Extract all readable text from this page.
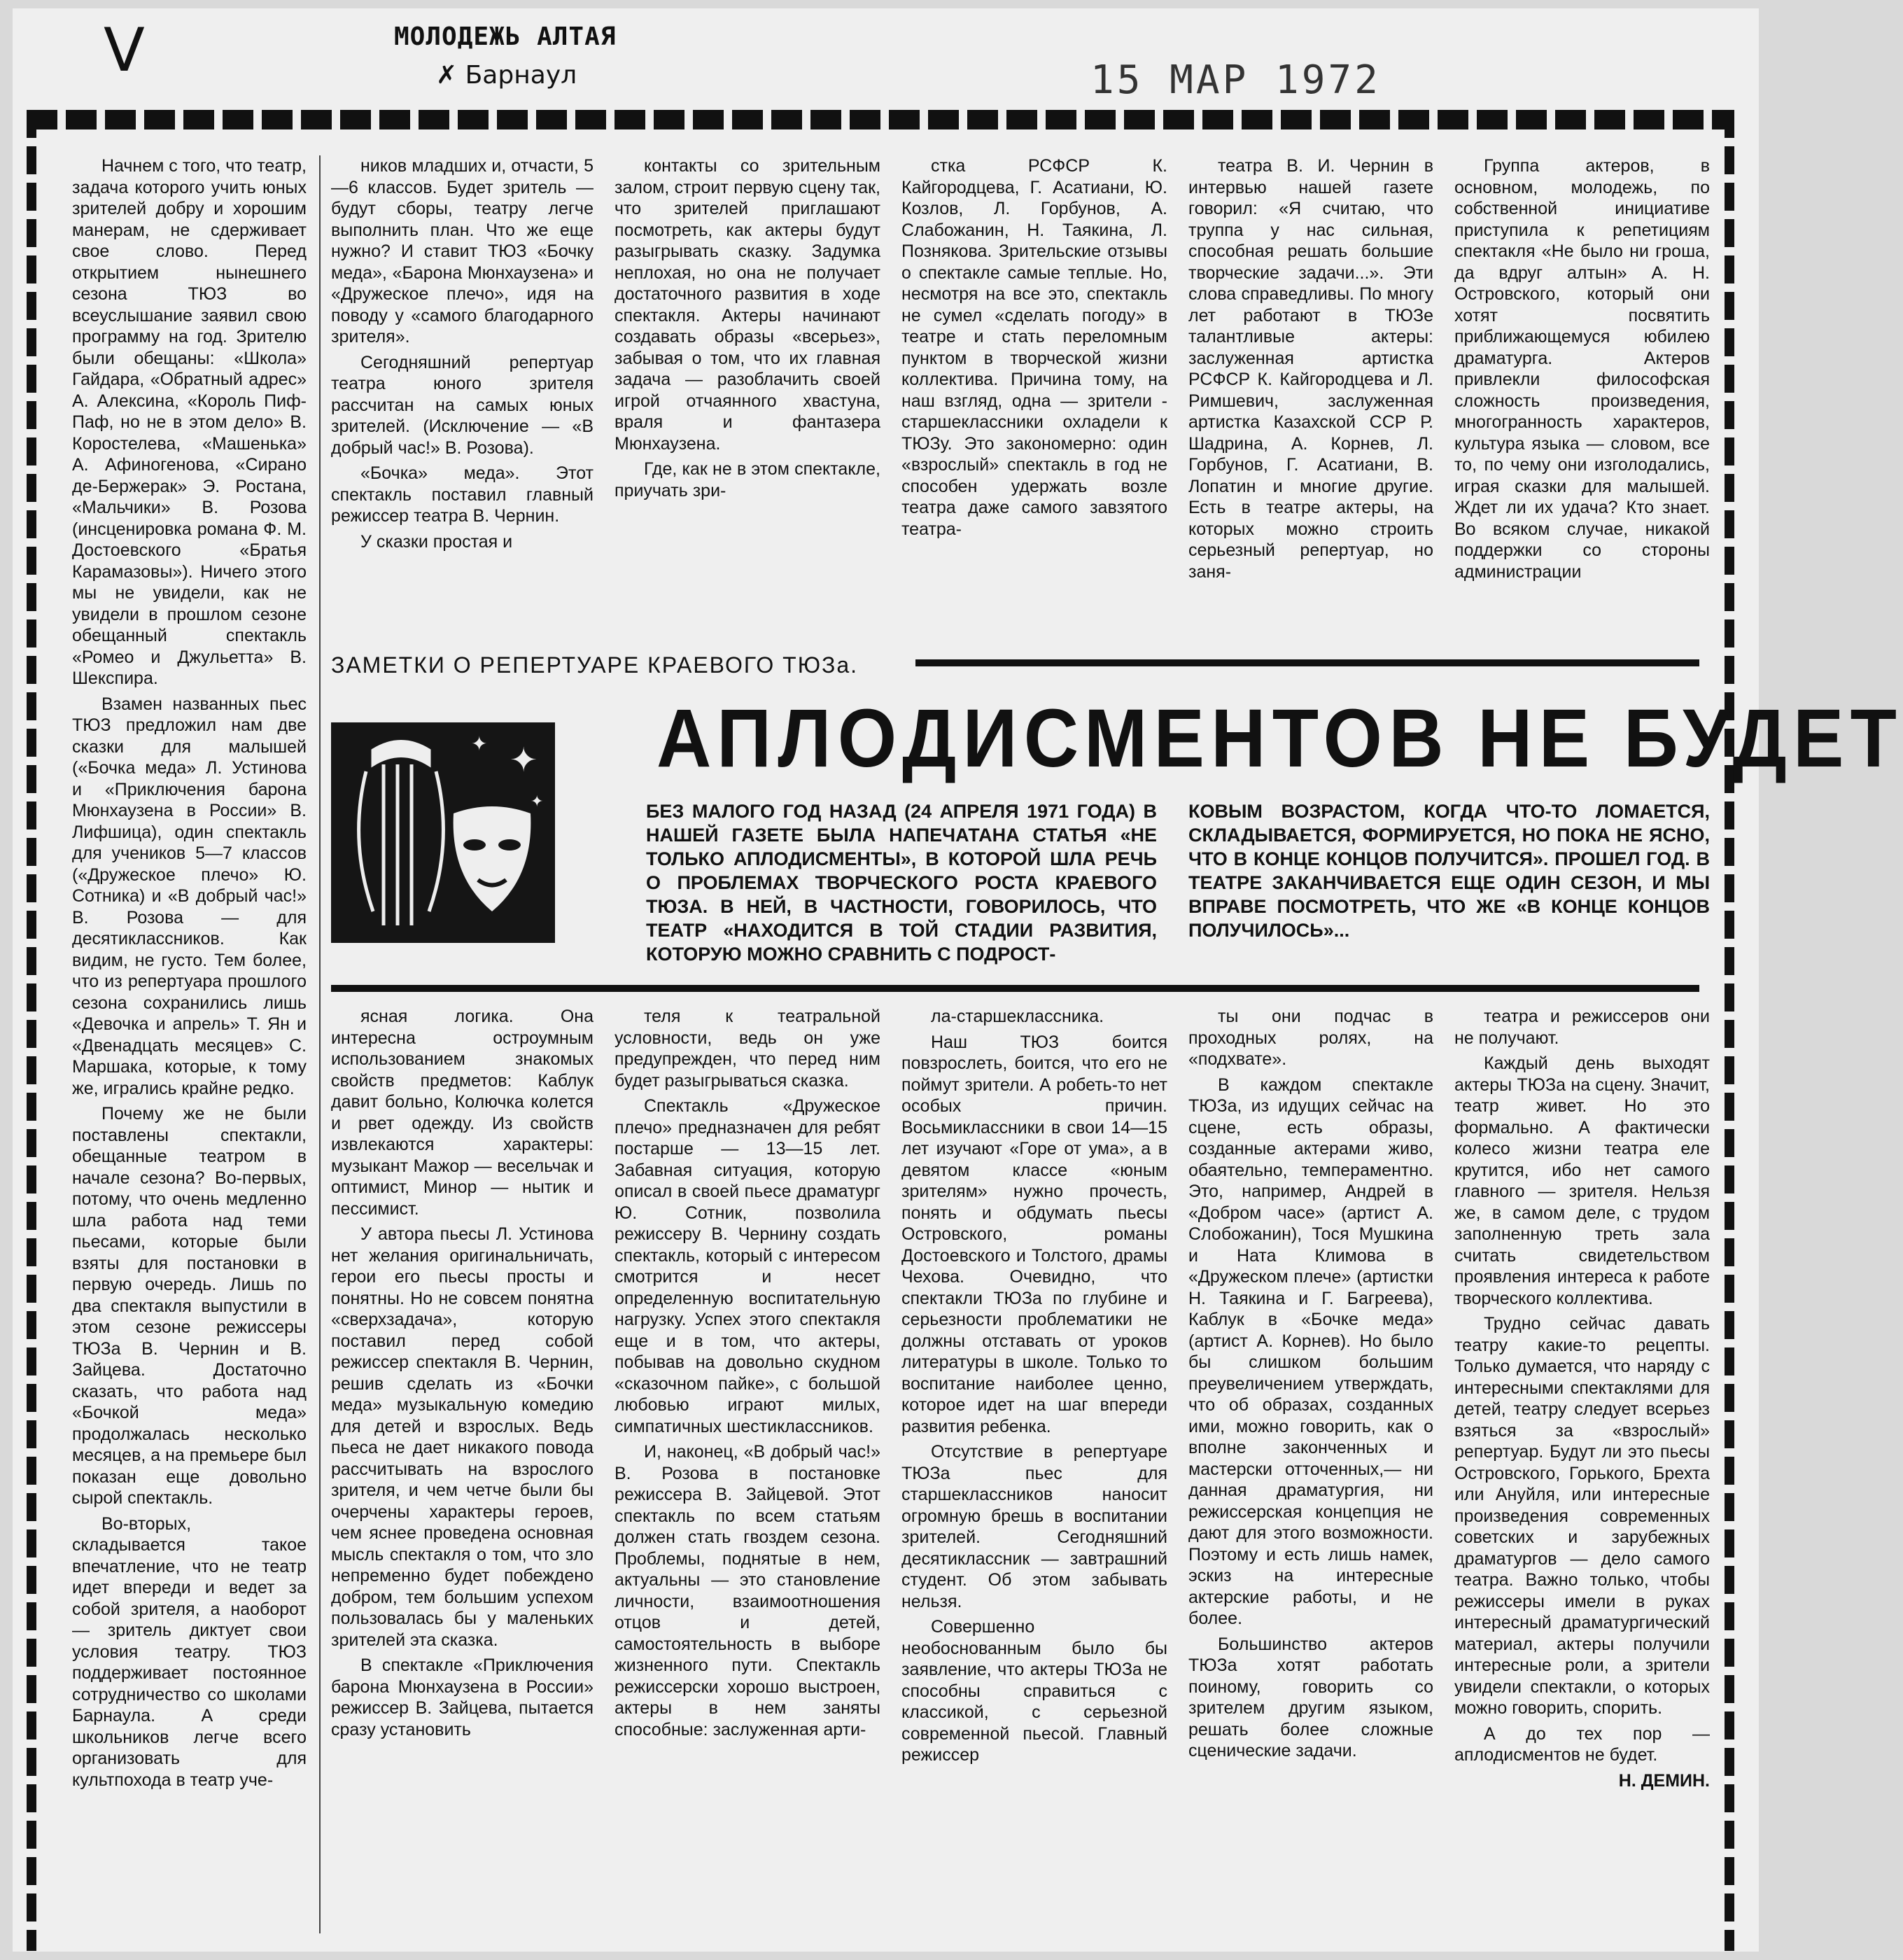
V	МОЛОДЕЖЬ АЛТАЯ
✗ Барнаул	15 МАР 1972

Начнем с того, что театр, задача которого учить юных зрителей добру и хорошим манерам, не сдерживает свое слово. Перед открытием нынешнего сезона ТЮЗ во всеуслышание заявил свою программу на год. Зрителю были обещаны: «Школа» Гайдара, «Обратный адрес» А. Алексина, «Король Пиф-Паф, но не в этом дело» В. Коростелева, «Машенька» А. Афиногенова, «Сирано де-Бержерак» Э. Ростана, «Мальчики» В. Розова (инсценировка романа Ф. М. Достоевского «Братья Карамазовы»). Ничего этого мы не увидели, как не увидели в прошлом сезоне обещанный спектакль «Ромео и Джульетта» В. Шекспира.

Взамен названных пьес ТЮЗ предложил нам две сказки для малышей («Бочка меда» Л. Устинова и «Приключения барона Мюнхаузена в России» В. Лифшица), один спектакль для учеников 5—7 классов («Дружеское плечо» Ю. Сотника) и «В добрый час!» В. Розова — для десятиклассников. Как видим, не густо. Тем более, что из репертуара прошлого сезона сохранились лишь «Девочка и апрель» Т. Ян и «Двенадцать месяцев» С. Маршака, которые, к тому же, игрались крайне редко.

Почему же не были поставлены спектакли, обещанные театром в начале сезона? Во-первых, потому, что очень медленно шла работа над теми пьесами, которые были взяты для постановки в первую очередь. Лишь по два спектакля выпустили в этом сезоне режиссеры ТЮЗа В. Чернин и В. Зайцева. Достаточно сказать, что работа над «Бочкой меда» продолжалась несколько месяцев, а на премьере был показан еще довольно сырой спектакль.

Во-вторых, складывается такое впечатление, что не театр идет впереди и ведет за собой зрителя, а наоборот — зритель диктует свои условия театру. ТЮЗ поддерживает постоянное сотрудничество со школами Барнаула. А среди школьников легче всего организовать для культпохода в театр уче-

ников младших и, отчасти, 5—6 классов. Будет зритель — будут сборы, театру легче выполнить план. Что же еще нужно? И ставит ТЮЗ «Бочку меда», «Барона Мюнхаузена» и «Дружеское плечо», идя на поводу у «самого благодарного зрителя».

Сегодняшний репертуар театра юного зрителя рассчитан на самых юных зрителей. (Исключение — «В добрый час!» В. Розова).

«Бочка» меда». Этот спектакль поставил главный режиссер театра В. Чернин.

У сказки простая и

контакты со зрительным залом, строит первую сцену так, что зрителей приглашают посмотреть, как актеры будут разыгрывать сказку. Задумка неплохая, но она не получает достаточного развития в ходе спектакля. Актеры начинают создавать образы «всерьез», забывая о том, что их главная задача — разоблачить своей игрой отчаянного хвастуна, враля и фантазера Мюнхаузена.

Где, как не в этом спектакле, приучать зри-

стка РСФСР К. Кайгородцева, Г. Асатиани, Ю. Козлов, Л. Горбунов, А. Слабожанин, Н. Таякина, Л. Познякова. Зрительские отзывы о спектакле самые теплые. Но, несмотря на все это, спектакль не сумел «сделать погоду» в театре и стать переломным пунктом в творческой жизни коллектива. Причина тому, на наш взгляд, одна — зрители - старшеклассники охладели к ТЮЗу. Это закономерно: один «взрослый» спектакль в год не способен удержать возле театра даже самого завзятого театра-

театра В. И. Чернин в интервью нашей газете говорил: «Я считаю, что труппа у нас сильная, способная решать большие творческие задачи...». Эти слова справедливы. По многу лет работают в ТЮЗе талантливые актеры: заслуженная артистка РСФСР К. Кайгородцева и Л. Римшевич, заслуженная артистка Казахской ССР Р. Шадрина, А. Корнев, Л. Горбунов, Г. Асатиани, В. Лопатин и многие другие. Есть в театре актеры, на которых можно строить серьезный репертуар, но заня-

Группа актеров, в основном, молодежь, по собственной инициативе приступила к репетициям спектакля «Не было ни гроша, да вдруг алтын» А. Н. Островского, который они хотят посвятить приближающемуся юбилею драматурга. Актеров привлекли философская сложность произведения, многогранность характеров, культура языка — словом, все то, по чему они изголодались, играя сказки для малышей. Ждет ли их удача? Кто знает. Во всяком случае, никакой поддержки со стороны администрации

ЗАМЕТКИ О РЕПЕРТУАРЕ КРАЕВОГО ТЮЗа.
✦
✦
✦
АПЛОДИСМЕНТОВ НЕ БУДЕТ
БЕЗ МАЛОГО ГОД НАЗАД (24 АПРЕЛЯ 1971 ГОДА) В НАШЕЙ ГАЗЕТЕ БЫЛА НАПЕЧАТАНА СТАТЬЯ «НЕ ТОЛЬКО АПЛОДИСМЕНТЫ», В КОТОРОЙ ШЛА РЕЧЬ О ПРОБЛЕМАХ ТВОРЧЕСКОГО РОСТА КРАЕВОГО ТЮЗА. В НЕЙ, В ЧАСТНОСТИ, ГОВОРИЛОСЬ, ЧТО ТЕАТР «НАХОДИТСЯ В ТОЙ СТАДИИ РАЗВИТИЯ, КОТОРУЮ МОЖНО СРАВНИТЬ С ПОДРОСТ-
КОВЫМ ВОЗРАСТОМ, КОГДА ЧТО-ТО ЛОМАЕТСЯ, СКЛАДЫВАЕТСЯ, ФОРМИРУЕТСЯ, НО ПОКА НЕ ЯСНО, ЧТО В КОНЦЕ КОНЦОВ ПОЛУЧИТСЯ». ПРОШЕЛ ГОД. В ТЕАТРЕ ЗАКАНЧИВАЕТСЯ ЕЩЕ ОДИН СЕЗОН, И МЫ ВПРАВЕ ПОСМОТРЕТЬ, ЧТО ЖЕ «В КОНЦЕ КОНЦОВ ПОЛУЧИЛОСЬ»...

ясная логика. Она интересна остроумным использованием знакомых свойств предметов: Каблук давит больно, Колючка колется и рвет одежду. Из свойств извлекаются характеры: музыкант Мажор — весельчак и оптимист, Минор — нытик и пессимист.

У автора пьесы Л. Устинова нет желания оригинальничать, герои его пьесы просты и понятны. Но не совсем понятна «сверхзадача», которую поставил перед собой режиссер спектакля В. Чернин, решив сделать из «Бочки меда» музыкальную комедию для детей и взрослых. Ведь пьеса не дает никакого повода рассчитывать на взрослого зрителя, и чем четче были бы очерчены характеры героев, чем яснее проведена основная мысль спектакля о том, что зло непременно будет побеждено добром, тем большим успехом пользовалась бы у маленьких зрителей эта сказка.

В спектакле «Приключения барона Мюнхаузена в России» режиссер В. Зайцева, пытается сразу установить

теля к театральной условности, ведь он уже предупрежден, что перед ним будет разыгрываться сказка.

Спектакль «Дружеское плечо» предназначен для ребят постарше — 13—15 лет. Забавная ситуация, которую описал в своей пьесе драматург Ю. Сотник, позволила режиссеру В. Чернину создать спектакль, который с интересом смотрится и несет определенную воспитательную нагрузку. Успех этого спектакля еще и в том, что актеры, побывав на довольно скудном «сказочном пайке», с большой любовью играют милых, симпатичных шестиклассников.

И, наконец, «В добрый час!» В. Розова в постановке режиссера В. Зайцевой. Этот спектакль по всем статьям должен стать гвоздем сезона. Проблемы, поднятые в нем, актуальны — это становление личности, взаимоотношения отцов и детей, самостоятельность в выборе жизненного пути. Спектакль режиссерски хорошо выстроен, актеры в нем заняты способные: заслуженная арти-

ла-старшеклассника.

Наш ТЮЗ боится повзрослеть, боится, что его не поймут зрители. А робеть-то нет особых причин. Восьмиклассники в свои 14—15 лет изучают «Горе от ума», а в девятом классе «юным зрителям» нужно прочесть, понять и обдумать пьесы Островского, романы Достоевского и Толстого, драмы Чехова. Очевидно, что спектакли ТЮЗа по глубине и серьезности проблематики не должны отставать от уроков литературы в школе. Только то воспитание наиболее ценно, которое идет на шаг впереди развития ребенка.

Отсутствие в репертуаре ТЮЗа пьес для старшеклассников наносит огромную брешь в воспитании зрителей. Сегодняшний десятиклассник — завтрашний студент. Об этом забывать нельзя.

Совершенно необоснованным было бы заявление, что актеры ТЮЗа не способны справиться с классикой, с серьезной современной пьесой. Главный режиссер

ты они подчас в проходных ролях, на «подхвате».

В каждом спектакле ТЮЗа, из идущих сейчас на сцене, есть образы, созданные актерами живо, обаятельно, темпераментно. Это, например, Андрей в «Добром часе» (артист А. Слобожанин), Тося Мушкина и Ната Климова в «Дружеском плече» (артистки Н. Таякина и Г. Багреева), Каблук в «Бочке меда» (артист А. Корнев). Но было бы слишком большим преувеличением утверждать, что об образах, созданных ими, можно говорить, как о вполне законченных и мастерски отточенных,— ни данная драматургия, ни режиссерская концепция не дают для этого возможности. Поэтому и есть лишь намек, эскиз на интересные актерские работы, и не более.

Большинство актеров ТЮЗа хотят работать поиному, говорить со зрителем другим языком, решать более сложные сценические задачи.

театра и режиссеров они не получают.

Каждый день выходят актеры ТЮЗа на сцену. Значит, театр живет. Но это формально. А фактически колесо жизни театра еле крутится, ибо нет самого главного — зрителя. Нельзя же, в самом деле, с трудом заполненную треть зала считать свидетельством проявления интереса к работе творческого коллектива.

Трудно сейчас давать театру какие-то рецепты. Только думается, что наряду с интересными спектаклями для детей, театру следует всерьез взяться за «взрослый» репертуар. Будут ли это пьесы Островского, Горького, Брехта или Ануйля, или интересные произведения современных советских и зарубежных драматургов — дело самого театра. Важно только, чтобы режиссеры имели в руках интересный драматургический материал, актеры получили интересные роли, а зрители увидели спектакли, о которых можно говорить, спорить.

А до тех пор — аплодисментов не будет.

Н. ДЕМИН.
